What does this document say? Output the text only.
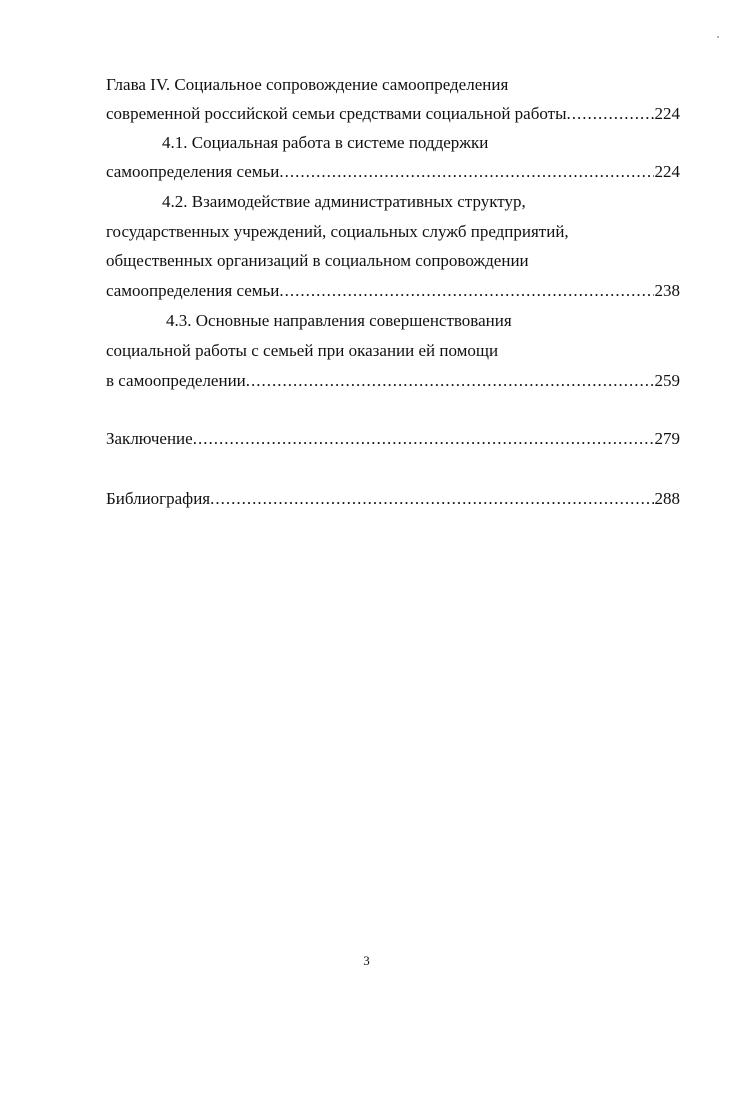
Глава IV. Социальное сопровождение самоопределения
современной российской семьи средствами социальной работы .....	224
4.1. Социальная работа в системе поддержки
самоопределения семьи .....	224
4.2. Взаимодействие административных структур,
государственных учреждений, социальных служб предприятий,
общественных организаций в социальном сопровождении
самоопределения семьи .....	238
4.3. Основные направления совершенствования
социальной работы с семьей при оказании ей помощи
в самоопределении .....	259
Заключение .....	279
Библиография .....	288
3
